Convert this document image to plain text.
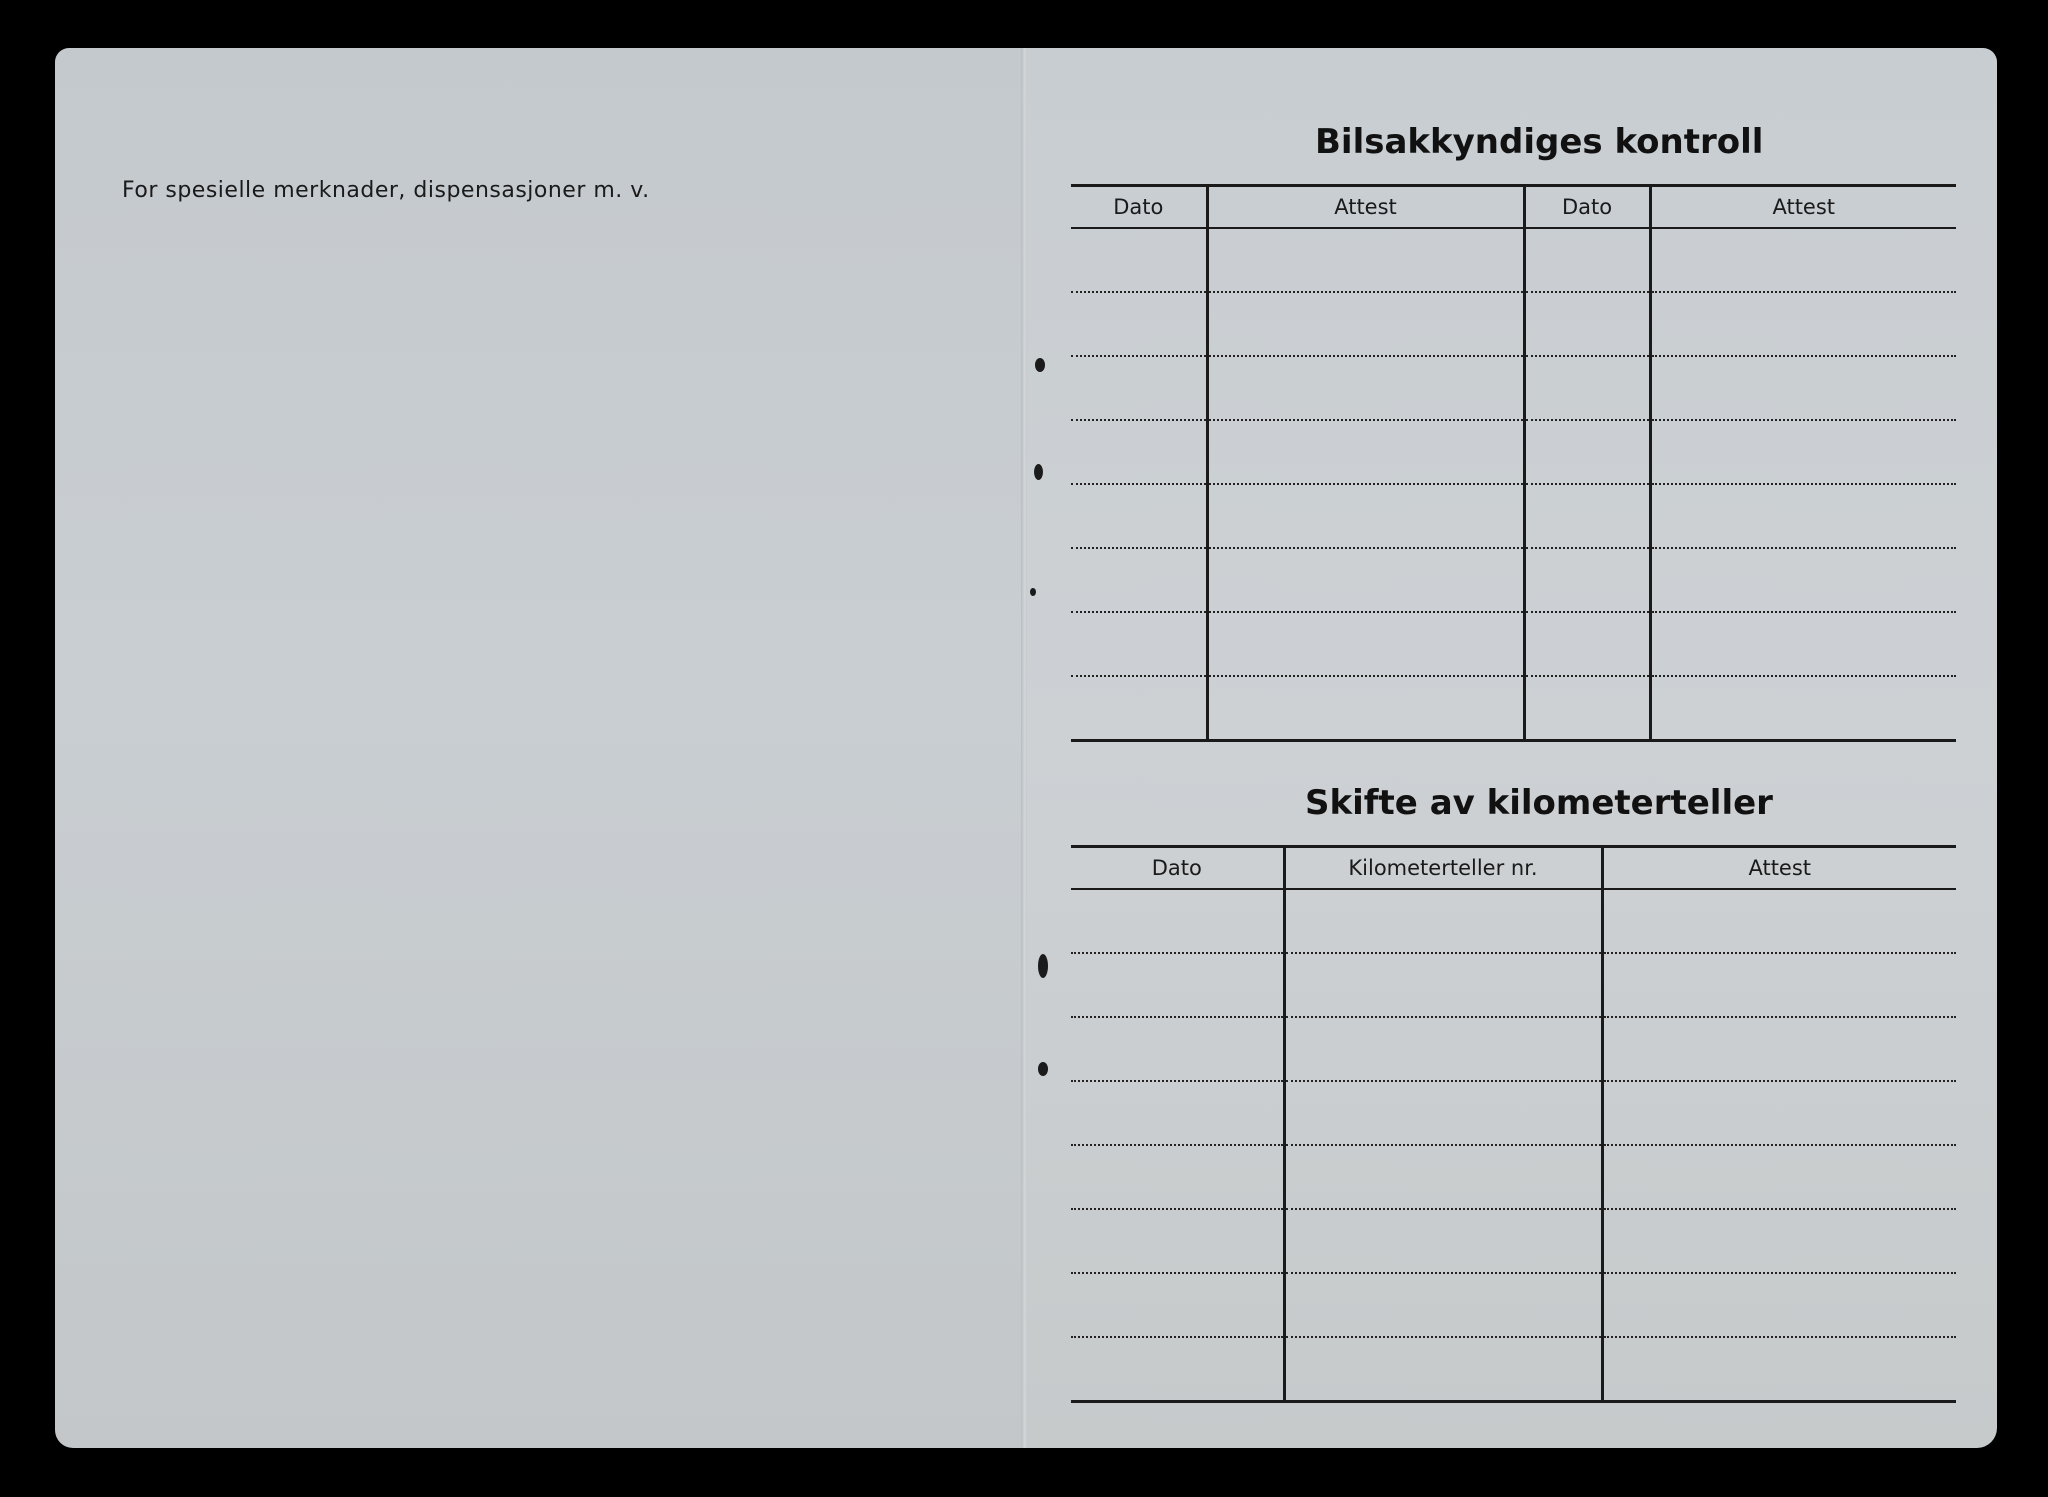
For spesielle merknader, dispensasjoner m. v.
Bilsakkyndiges kontroll
Dato	Attest	Dato	Attest

Skifte av kilometerteller
Dato	Kilometerteller nr.	Attest
